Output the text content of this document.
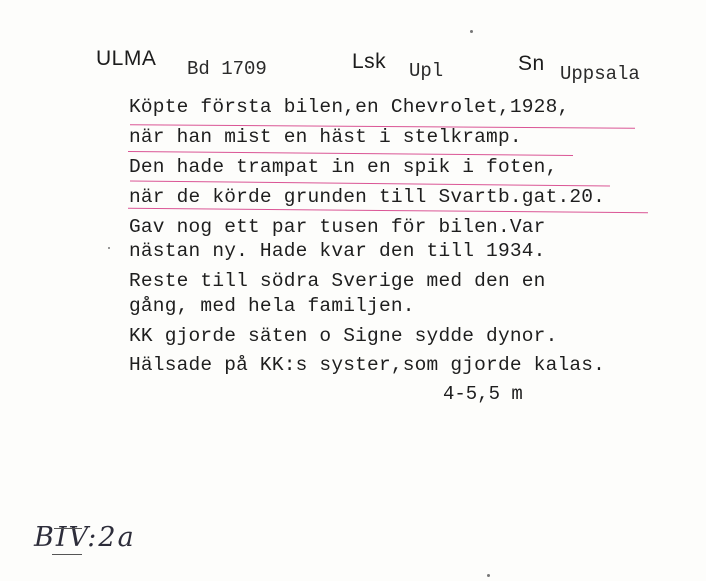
ULMA Bd 1709	Lsk Upl	Sn Uppsala
Köpte första bilen,en Chevrolet,1928,
när han mist en häst i stelkramp.
Den hade trampat in en spik i foten,
när de körde grunden till Svartb.gat.20.
Gav nog ett par tusen för bilen.Var
nästan ny. Hade kvar den till 1934.
Reste till södra Sverige med den en
gång, med hela familjen.
KK gjorde säten o Signe sydde dynor.
Hälsade på KK:s syster,som gjorde kalas.
4-5,5 m
BIV:2a
